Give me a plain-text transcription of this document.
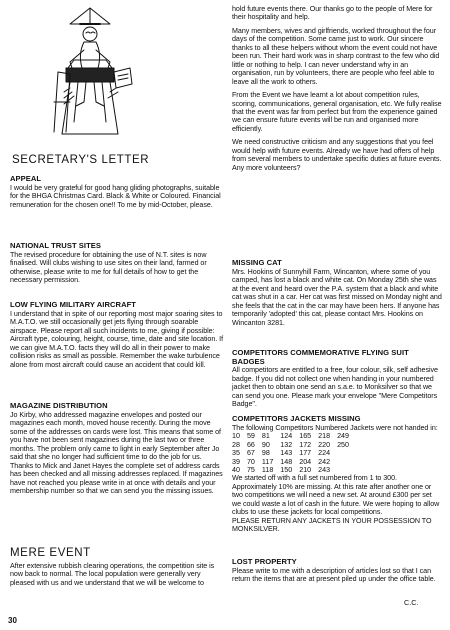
SECRETARY'S LETTER
APPEAL

I would be very grateful for good hang gliding photographs, suitable for the BHGA Christmas Card. Black & White or Coloured. Financial remuneration for the chosen one!! To me by mid-October, please.

NATIONAL TRUST SITES

The revised procedure for obtaining the use of N.T. sites is now finalised. Will clubs wishing to use sites on their land, farmed or otherwise, please write to me for full details of how to get the necessary permission.

LOW FLYING MILITARY AIRCRAFT

I understand that in spite of our reporting most major soaring sites to M.A.T.O. we still occasionally get jets flying through soarable airspace. Please report all such incidents to me, giving if possible: Aircraft type, colouring, height, course, time, date and site location. If we can give M.A.T.O. facts they will do all in their power to make collision risks as small as possible. Remember the wake turbulence alone from most aircraft could cause an accident that could kill.

MAGAZINE DISTRIBUTION

Jo Kirby, who addressed magazine envelopes and posted our magazines each month, moved house recently. During the move some of the addresses on cards were lost. This means that some of you have not been sent magazines during the last two or three months. The problem only came to light in early September after Jo said that she no longer had sufficient time to do the job for us. Thanks to Mick and Janet Hayes the complete set of address cards has been checked and all missing addresses replaced. If magazines have not reached you please write in at once with details and your membership number so that we can send you the missing issues.

MERE EVENT

After extensive rubbish clearing operations, the competition site is now back to normal. The local population were generally very pleased with us and we understand that we will be welcome to

hold future events there. Our thanks go to the people of Mere for their hospitality and help.

Many members, wives and girlfriends, worked throughout the four days of the competition. Some came just to work. Our sincere thanks to all these helpers without whom the event could not have been run. Their hard work was in sharp contrast to the few who did little or nothing to help. I can never understand why in an organisation, run by volunteers, there are people who feel able to leave all the work to others.

From the Event we have learnt a lot about competition rules, scoring, communications, general organisation, etc. We fully realise that the event was far from perfect but from the experience gained we can ensure future events will be run and organised more efficiently.

We need constructive criticism and any suggestions that you feel would help with future events. Already we have had offers of help from several members to undertake specific duties at future events. Any more volunteers?

MISSING CAT

Mrs. Hookins of Sunnyhill Farm, Wincanton, where some of you camped, has lost a black and white cat. On Monday 25th she was at the event and heard over the P.A. system that a black and white cat was shut in a car. Her cat was first missed on Monday night and she feels that the cat in the car may have been hers. If anyone has temporarily 'adopted' this cat, please contact Mrs. Hookins on Wincanton 3281.

COMPETITORS COMMEMORATIVE FLYING SUIT BADGES

All competitors are entitled to a free, four colour, silk, self adhesive badge. If you did not collect one when handing in your numbered jacket then to obtain one send an s.a.e. to Monksilver so that we can send you one. Please mark your envelope "Mere Competitors Badge".

COMPETITORS JACKETS MISSING

The following Competitors Numbered Jackets were not handed in:

10	59	81	124	165	218	249
28	66	90	132	172	220	250
35	67	98	143	177	224	
39	70	117	148	204	242	
40	75	118	150	210	243	

We started off with a full set numbered from 1 to 300. Approximately 10% are missing. At this rate after another one or two competitions we will need a new set. At around £300 per set we could waste a lot of cash in the future. We were hoping to allow clubs to use these jackets for local competitions.

PLEASE RETURN ANY JACKETS IN YOUR POSSESSION TO MONKSILVER.

LOST PROPERTY

Please write to me with a description of articles lost so that I can return the items that are at present piled up under the office table.

C.C.
30
